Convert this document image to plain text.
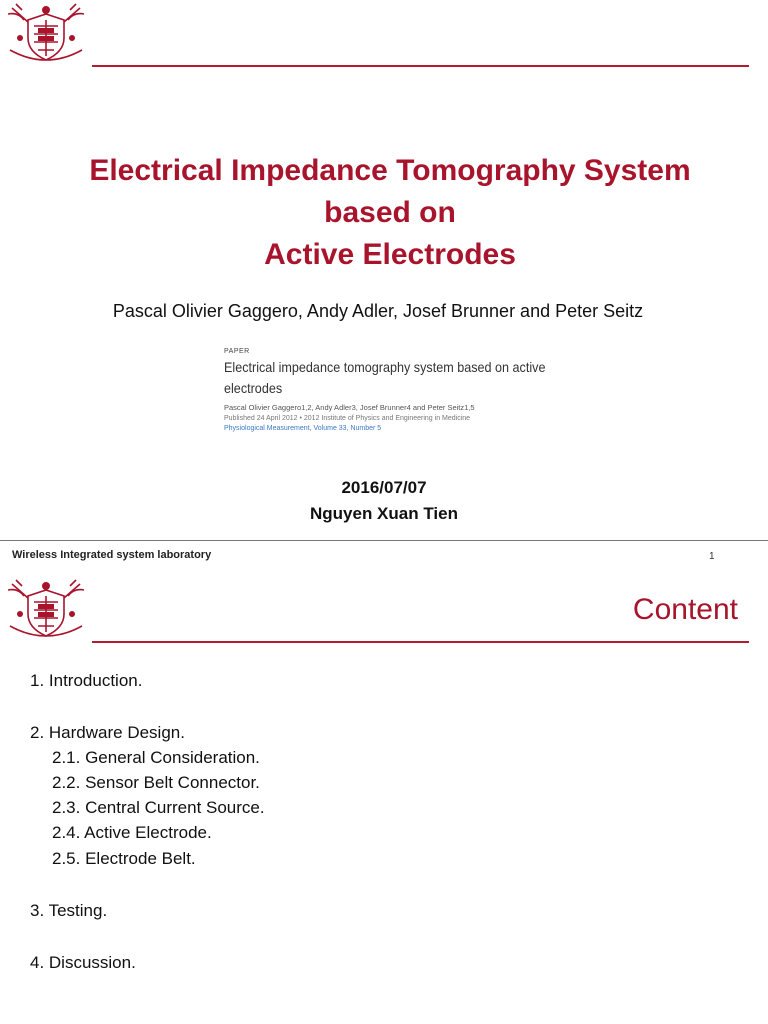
Electrical Impedance Tomography System
based on
Active Electrodes
Pascal Olivier Gaggero, Andy Adler, Josef Brunner and Peter Seitz
PAPER
Electrical impedance tomography system based on active
electrodes
Pascal Olivier Gaggero1,2, Andy Adler3, Josef Brunner4 and Peter Seitz1,5
Published 24 April 2012 • 2012 Institute of Physics and Engineering in Medicine
Physiological Measurement, Volume 33, Number 5
2016/07/07
Nguyen Xuan Tien
Wireless Integrated system laboratory	1
Content
1. Introduction.
2. Hardware Design.
2.1. General Consideration.
2.2. Sensor Belt Connector.
2.3. Central Current Source.
2.4. Active Electrode.
2.5. Electrode Belt.
3. Testing.
4. Discussion.
